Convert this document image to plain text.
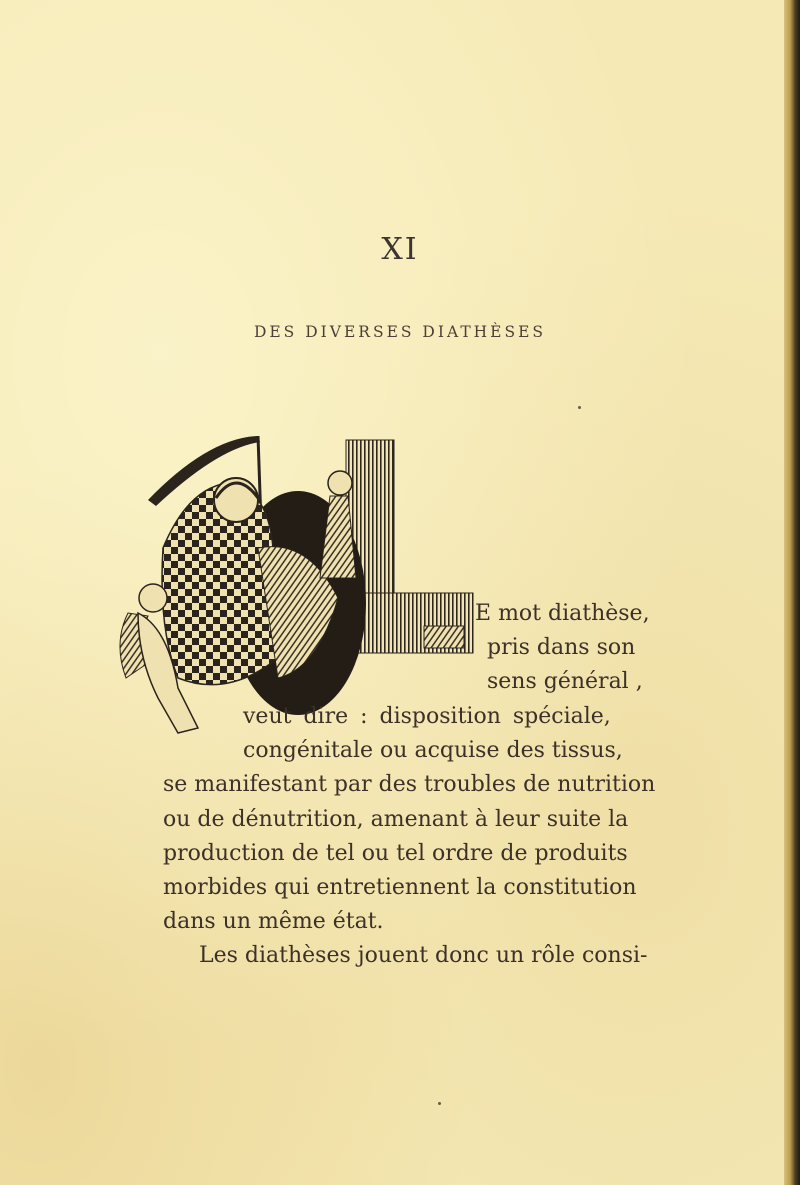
XI
DES DIVERSES DIATHÈSES
E mot diathèse,
pris dans son
sens général ,
veut dire : disposition spéciale,
congénitale ou acquise des tissus,
se manifestant par des troubles de nutrition
ou de dénutrition, amenant à leur suite la
production de tel ou tel ordre de produits
morbides qui entretiennent la constitution
dans un même état.
Les diathèses jouent donc un rôle consi-
